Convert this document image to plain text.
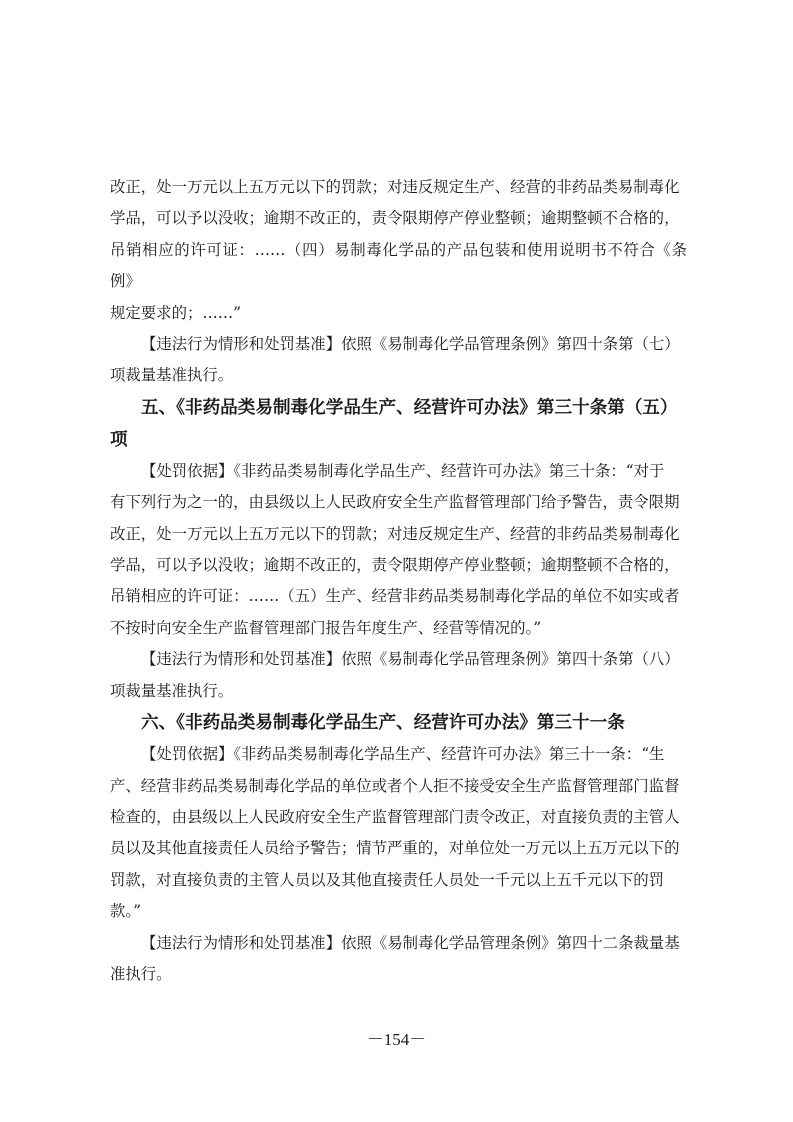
改正，处一万元以上五万元以下的罚款；对违反规定生产、经营的非药品类易制毒化
学品，可以予以没收；逾期不改正的，责令限期停产停业整顿；逾期整顿不合格的，
吊销相应的许可证：……（四）易制毒化学品的产品包装和使用说明书不符合《条例》
规定要求的；……”
【违法行为情形和处罚基准】依照《易制毒化学品管理条例》第四十条第（七）
项裁量基准执行。
五、《非药品类易制毒化学品生产、经营许可办法》第三十条第（五）
项
【处罚依据】《非药品类易制毒化学品生产、经营许可办法》第三十条：“对于
有下列行为之一的，由县级以上人民政府安全生产监督管理部门给予警告，责令限期
改正，处一万元以上五万元以下的罚款；对违反规定生产、经营的非药品类易制毒化
学品，可以予以没收；逾期不改正的，责令限期停产停业整顿；逾期整顿不合格的，
吊销相应的许可证：……（五）生产、经营非药品类易制毒化学品的单位不如实或者
不按时向安全生产监督管理部门报告年度生产、经营等情况的。”
【违法行为情形和处罚基准】依照《易制毒化学品管理条例》第四十条第（八）
项裁量基准执行。
六、《非药品类易制毒化学品生产、经营许可办法》第三十一条
【处罚依据】《非药品类易制毒化学品生产、经营许可办法》第三十一条：“生
产、经营非药品类易制毒化学品的单位或者个人拒不接受安全生产监督管理部门监督
检查的，由县级以上人民政府安全生产监督管理部门责令改正，对直接负责的主管人
员以及其他直接责任人员给予警告；情节严重的，对单位处一万元以上五万元以下的
罚款，对直接负责的主管人员以及其他直接责任人员处一千元以上五千元以下的罚
款。”
【违法行为情形和处罚基准】依照《易制毒化学品管理条例》第四十二条裁量基
准执行。
－154－
